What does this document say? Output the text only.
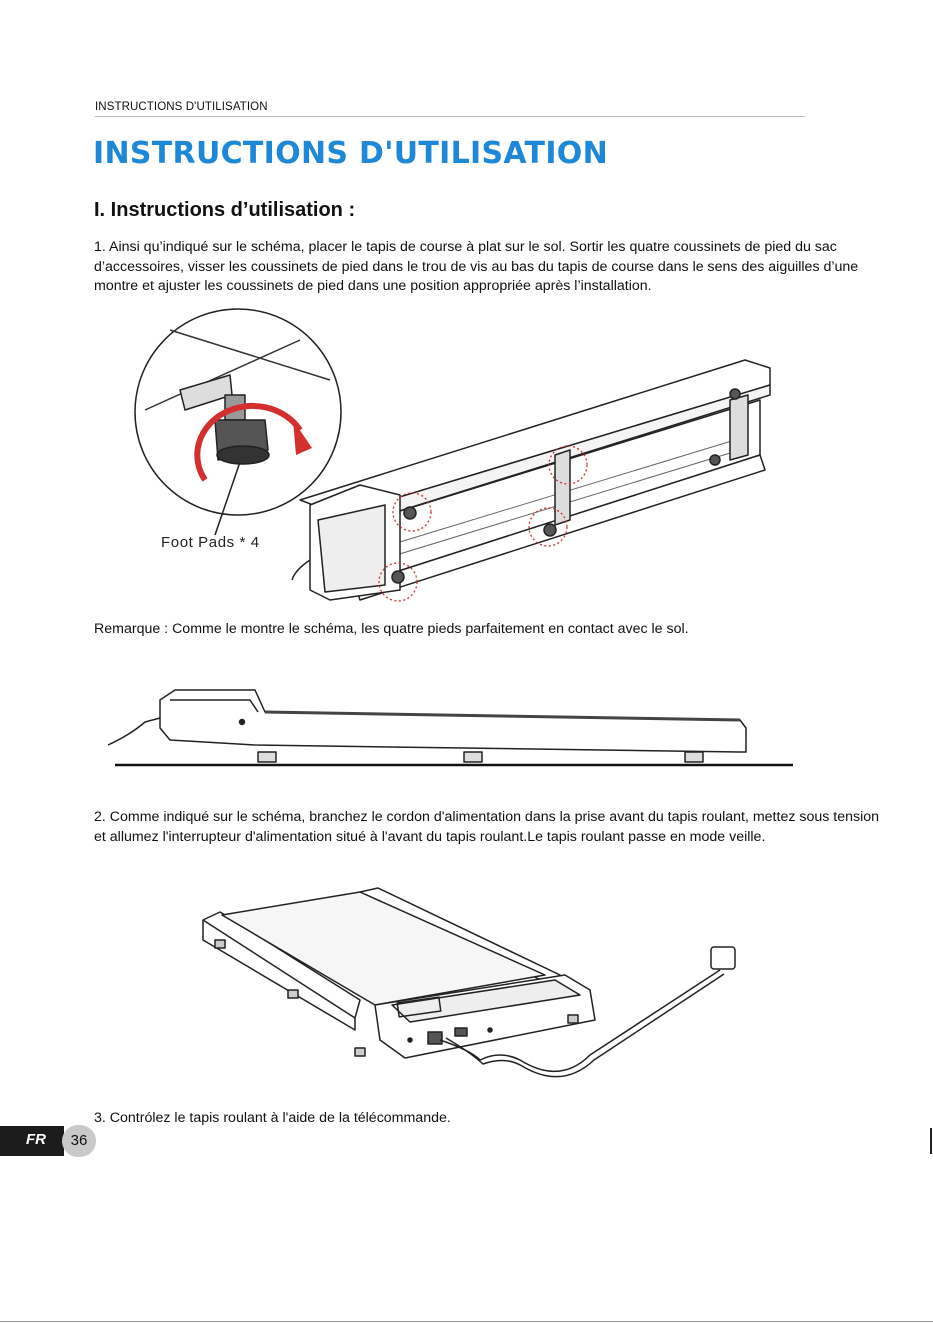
INSTRUCTIONS D'UTILISATION
INSTRUCTIONS D'UTILISATION
I. Instructions d’utilisation :
1. Ainsi qu’indiqué sur le schéma, placer le tapis de course à plat sur le sol. Sortir les quatre coussinets de pied du sac d’accessoires, visser les coussinets de pied dans le trou de vis au bas du tapis de course dans le sens des aiguilles d’une montre et ajuster les coussinets de pied dans une position appropriée après l’installation.
Foot Pads * 4
Remarque : Comme le montre le schéma, les quatre pieds parfaitement en contact avec le sol.
2. Comme indiqué sur le schéma, branchez le cordon d'alimentation dans la prise avant du tapis roulant, mettez sous tension et allumez l'interrupteur d'alimentation situé à l'avant du tapis roulant.Le tapis roulant passe en mode veille.
3. Contrólez le tapis roulant à l'aide de la télécommande.
FR	36
